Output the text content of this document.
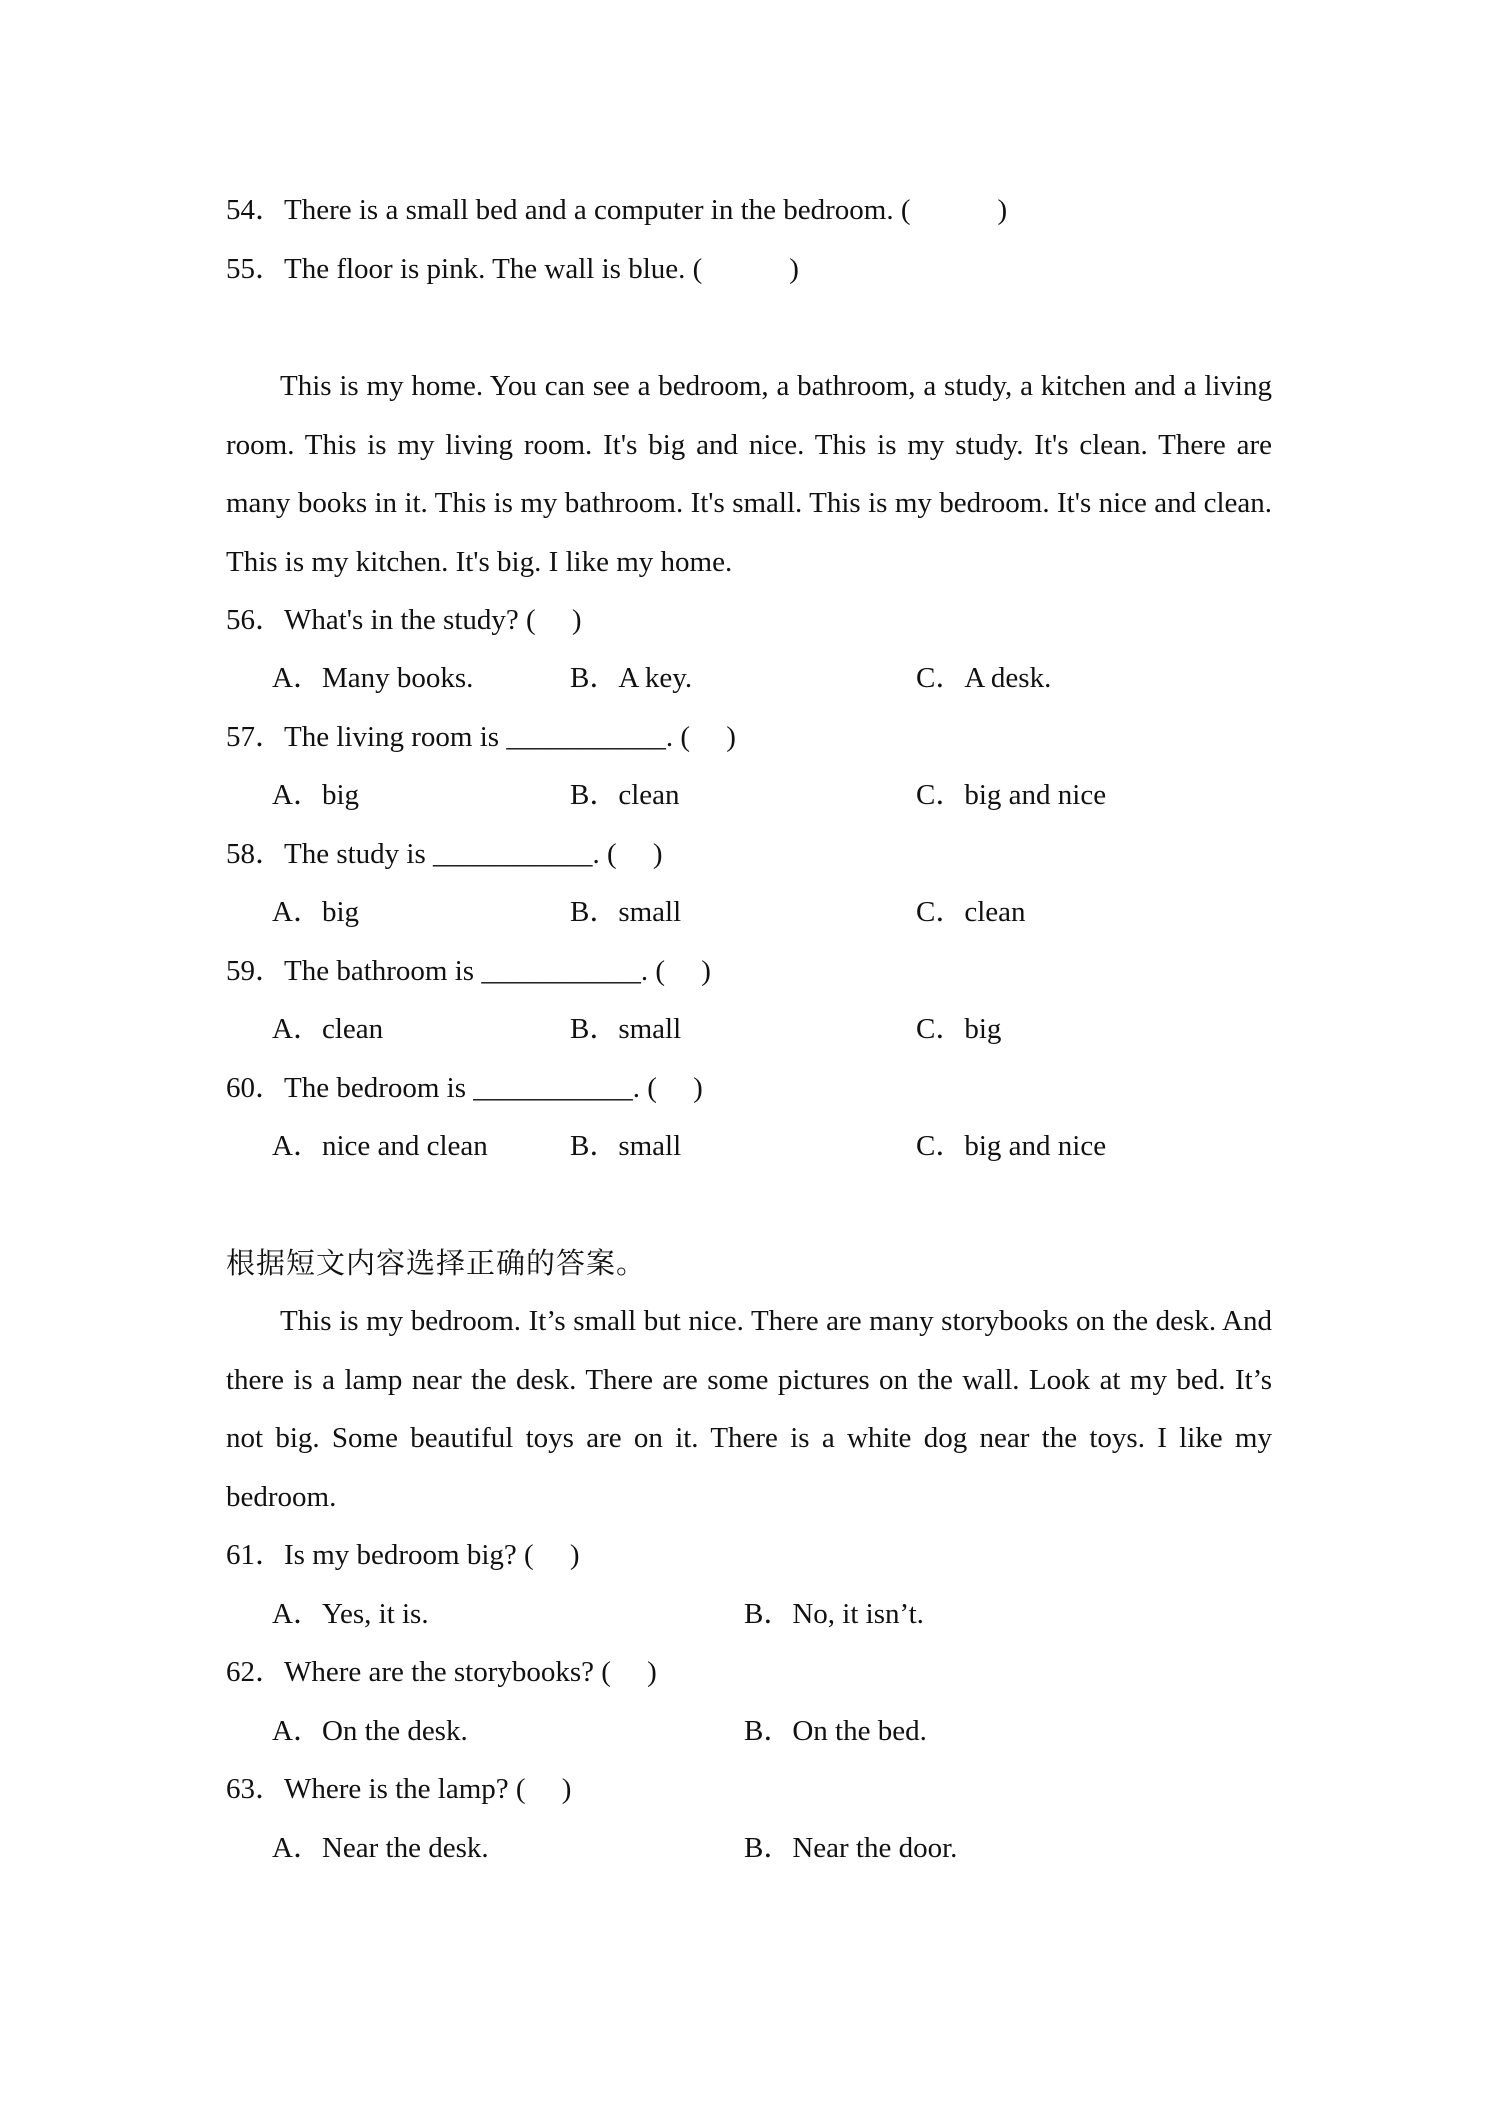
54．There is a small bed and a computer in the bedroom. (            )
55．The floor is pink. The wall is blue. (            )
This is my home. You can see a bedroom, a bathroom, a study, a kitchen and a living room. This is my living room. It's big and nice. This is my study. It's clean. There are many books in it. This is my bathroom. It's small. This is my bedroom. It's nice and clean. This is my kitchen. It's big. I like my home.
56．What's in the study? (     )
A．Many books.	B．A key.	C．A desk.
57．The living room is ___________. (     )
A．big	B．clean	C．big and nice
58．The study is ___________. (     )
A．big	B．small	C．clean
59．The bathroom is ___________. (     )
A．clean	B．small	C．big
60．The bedroom is ___________. (     )
A．nice and clean	B．small	C．big and nice
根据短文内容选择正确的答案。
This is my bedroom. It’s small but nice. There are many storybooks on the desk. And there is a lamp near the desk. There are some pictures on the wall. Look at my bed. It’s not big. Some beautiful toys are on it. There is a white dog near the toys. I like my bedroom.
61．Is my bedroom big? (     )
A．Yes, it is.	B．No, it isn’t.
62．Where are the storybooks? (     )
A．On the desk.	B．On the bed.
63．Where is the lamp? (     )
A．Near the desk.	B．Near the door.
